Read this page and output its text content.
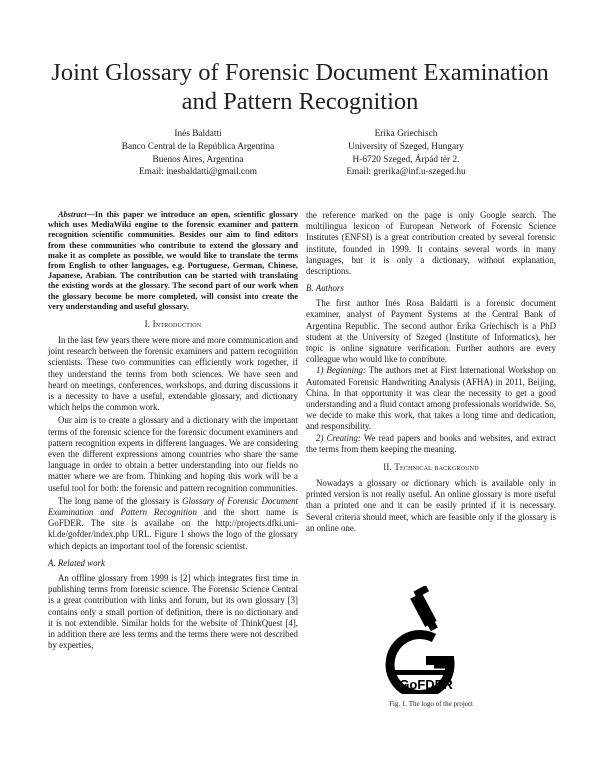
Joint Glossary of Forensic Document Examination and Pattern Recognition
Inés Baldatti
Banco Central de la República Argentina
Buenos Aires, Argentina
Email: inesbaldatti@gmail.com
Erika Griechisch
University of Szeged, Hungary
H-6720 Szeged, Árpád tér 2.
Email: grerika@inf.u-szeged.hu

Abstract—In this paper we introduce an open, scientific glossary which uses MediaWiki engine to the forensic examiner and pattern recognition scientific communities. Besides our aim to find editors from these communities who contribute to extend the glossary and make it as complete as possible, we would like to translate the terms from English to other languages, e.g. Portuguese, German, Chinese, Japanese, Arabian. The contribution can be started with translating the existing words at the glossary. The second part of our work when the glossary become be more completed, will consist into create the very understanding and useful glossary.

I. Introduction

In the last few years there were more and more communication and joint research between the forensic examiners and pattern recognition scientists. These two communities can efficiently work together, if they understand the terms from both sciences. We have seen and heard on meetings, conferences, workshops, and during discussions it is a necessity to have a useful, extendable glossary, and dictionary which helps the common work.

Our aim is to create a glossary and a dictionary with the important terms of the forensic science for the forensic document examiners and pattern recognition experts in different languages. We are considering even the different expressions among countries who share the same language in order to obtain a better understanding into our fields no matter where we are from. Thinking and hoping this work will be a useful tool for both: the forensic and pattern recognition communities.

The long name of the glossary is Glossary of Forensic Document Examination and Pattern Recognition and the short name is GoFDER. The site is availabe on the http://projects.dfki.uni-kl.de/gofder/index.php URL. Figure 1 shows the logo of the glossary which depicts an important tool of the forensic scientist.

A. Related work

An offline glossary from 1999 is [2] which integrates first time in publishing terms from forensic science. The Forensic Science Central is a great contribution with links and forum, but its own glossary [3] contains only a small portion of definition, there is no dictionary and it is not extendible. Similar holds for the website of ThinkQuest [4], in addition there are less terms and the terms there were not described by experties,

the reference marked on the page is only Google search. The multilingua lexicon of European Network of Forensic Science Institutes (ENFSI) is a great contribution created by several forensic institute, founded in 1999. It contains several words in many languages, but it is only a dictionary, without explanation, descriptions.

B. Authors

The first author Inés Rosa Baldatti is a forensic document examiner, analyst of Payment Systems at the Central Bank of Argentina Republic. The second author Erika Griechisch is a PhD student at the University of Szeged (Institute of Informatics), her topic is online signature verification. Further authors are every colleague who would like to contribute.

1) Beginning: The authors met at First International Workshop on Automated Forensic Handwriting Analysis (AFHA) in 2011, Beijing, China. In that opportunity it was clear the necessity to get a good understanding and a fluid contact among professionals worldwide. So, we decide to make this work, that takes a long time and dedication, and responsibility.

2) Creating: We read papers and books and websites, and extract the terms from them keeping the meaning.

II. Technical background

Nowadays a glossary or dictionary which is available only in printed version is not really useful. An online glossary is more useful than a printed one and it can be easily printed if it is necessary. Several criteria should meet, which are feasible only if the glossary is an online one.

GoFDER
Fig. 1. The logo of the project
